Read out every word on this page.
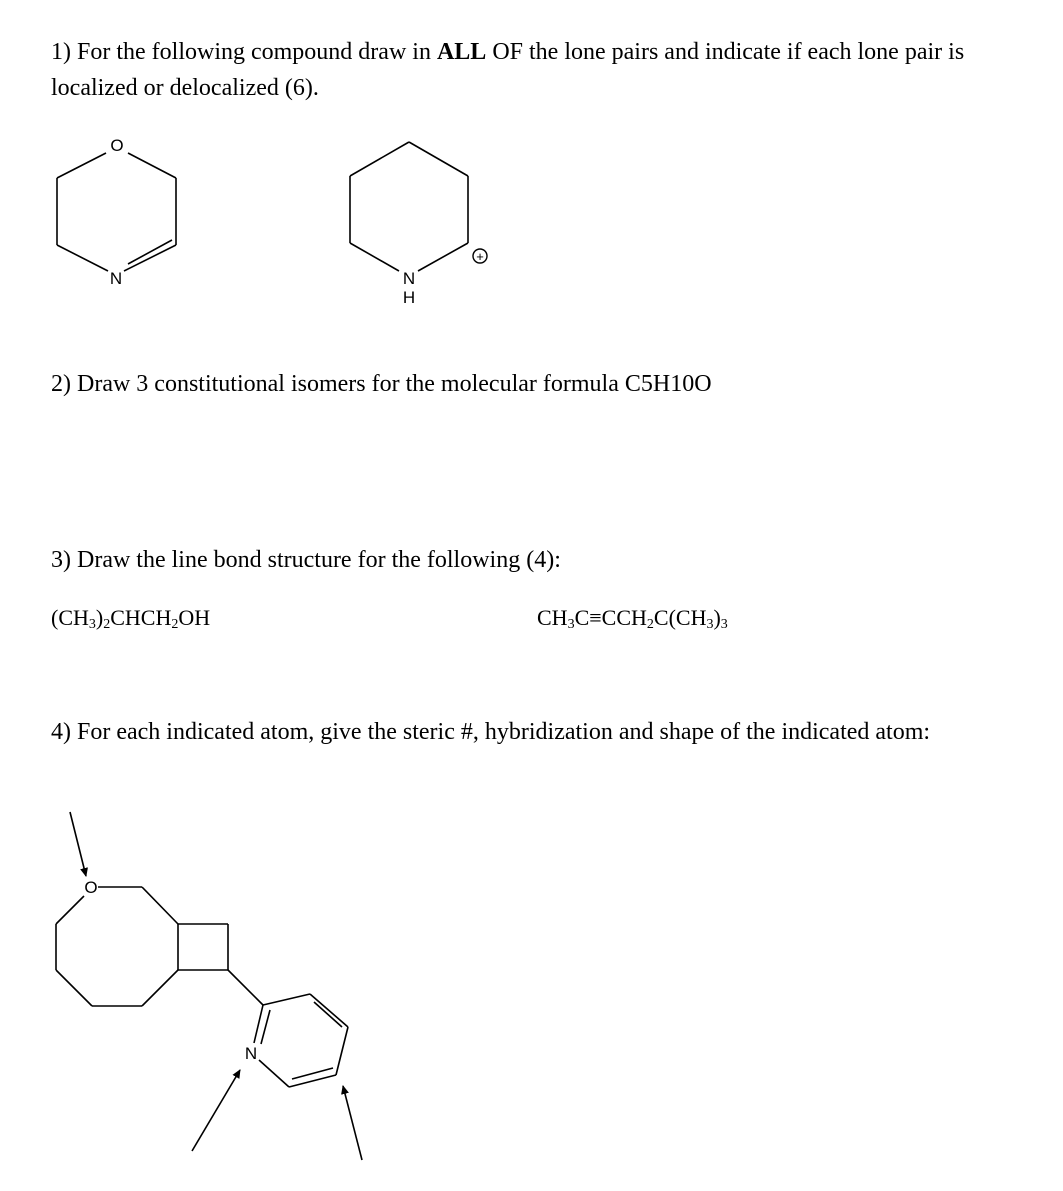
1) For the following compound draw in ALL OF the lone pairs and indicate if each lone pair is localized or delocalized (6).
2) Draw 3 constitutional isomers for the molecular formula C5H10O
3) Draw the line bond structure for the following (4):
$(CH_3)_2CHCH_2OH$	$CH_3C\equiv CCH_2C(CH_3)_3$
4) For each indicated atom, give the steric #, hybridization and shape of the indicated atom:
O
N	N
H
+
O
N
